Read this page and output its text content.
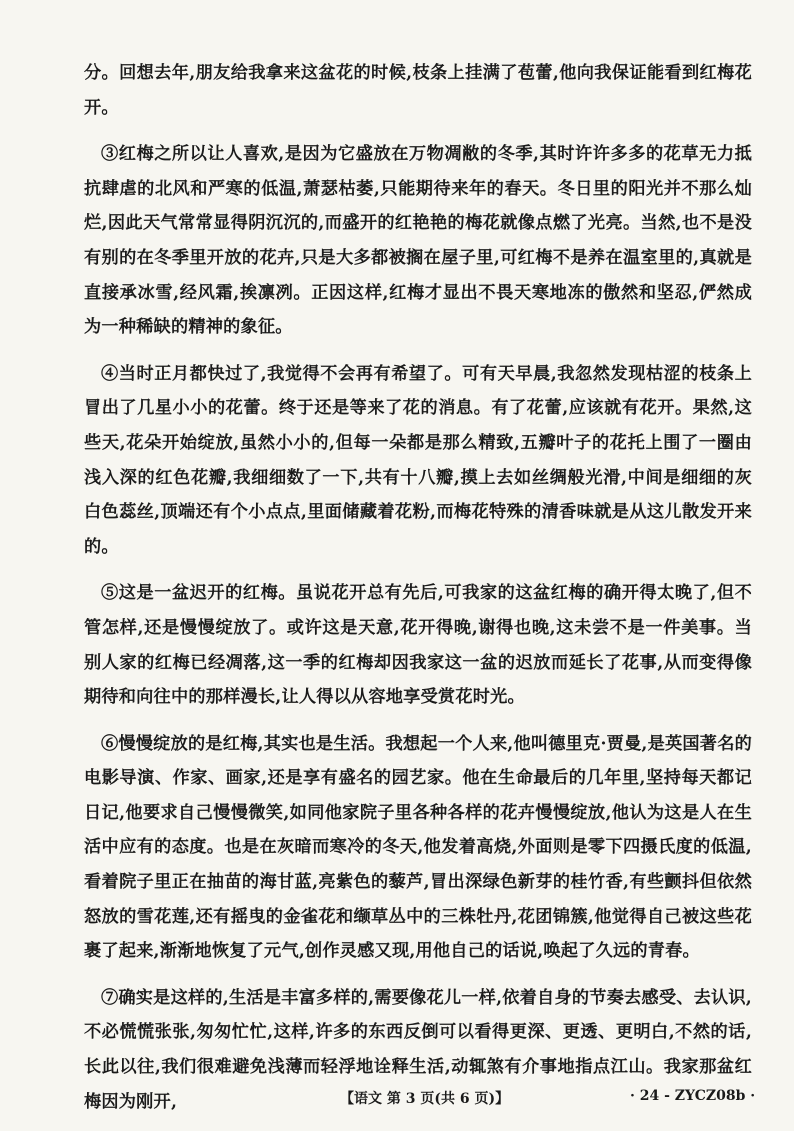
分。回想去年,朋友给我拿来这盆花的时候,枝条上挂满了苞蕾,他向我保证能看到红梅花开。

③红梅之所以让人喜欢,是因为它盛放在万物凋敝的冬季,其时许许多多的花草无力抵抗肆虐的北风和严寒的低温,萧瑟枯萎,只能期待来年的春天。冬日里的阳光并不那么灿烂,因此天气常常显得阴沉沉的,而盛开的红艳艳的梅花就像点燃了光亮。当然,也不是没有别的在冬季里开放的花卉,只是大多都被搁在屋子里,可红梅不是养在温室里的,真就是直接承冰雪,经风霜,挨凛冽。正因这样,红梅才显出不畏天寒地冻的傲然和坚忍,俨然成为一种稀缺的精神的象征。

④当时正月都快过了,我觉得不会再有希望了。可有天早晨,我忽然发现枯涩的枝条上冒出了几星小小的花蕾。终于还是等来了花的消息。有了花蕾,应该就有花开。果然,这些天,花朵开始绽放,虽然小小的,但每一朵都是那么精致,五瓣叶子的花托上围了一圈由浅入深的红色花瓣,我细细数了一下,共有十八瓣,摸上去如丝绸般光滑,中间是细细的灰白色蕊丝,顶端还有个小点点,里面储藏着花粉,而梅花特殊的清香味就是从这儿散发开来的。

⑤这是一盆迟开的红梅。虽说花开总有先后,可我家的这盆红梅的确开得太晚了,但不管怎样,还是慢慢绽放了。或许这是天意,花开得晚,谢得也晚,这未尝不是一件美事。当别人家的红梅已经凋落,这一季的红梅却因我家这一盆的迟放而延长了花事,从而变得像期待和向往中的那样漫长,让人得以从容地享受赏花时光。

⑥慢慢绽放的是红梅,其实也是生活。我想起一个人来,他叫德里克·贾曼,是英国著名的电影导演、作家、画家,还是享有盛名的园艺家。他在生命最后的几年里,坚持每天都记日记,他要求自己慢慢微笑,如同他家院子里各种各样的花卉慢慢绽放,他认为这是人在生活中应有的态度。也是在灰暗而寒冷的冬天,他发着高烧,外面则是零下四摄氏度的低温,看着院子里正在抽苗的海甘蓝,亮紫色的藜芦,冒出深绿色新芽的桂竹香,有些颤抖但依然怒放的雪花莲,还有摇曳的金雀花和缬草丛中的三株牡丹,花团锦簇,他觉得自己被这些花裹了起来,渐渐地恢复了元气,创作灵感又现,用他自己的话说,唤起了久远的青春。

⑦确实是这样的,生活是丰富多样的,需要像花儿一样,依着自身的节奏去感受、去认识,不必慌慌张张,匆匆忙忙,这样,许多的东西反倒可以看得更深、更透、更明白,不然的话,长此以往,我们很难避免浅薄而轻浮地诠释生活,动辄煞有介事地指点江山。我家那盆红梅因为刚开,	【语文 第 3 页(共 6 页)】	· 24 - ZYCZ08b ·
